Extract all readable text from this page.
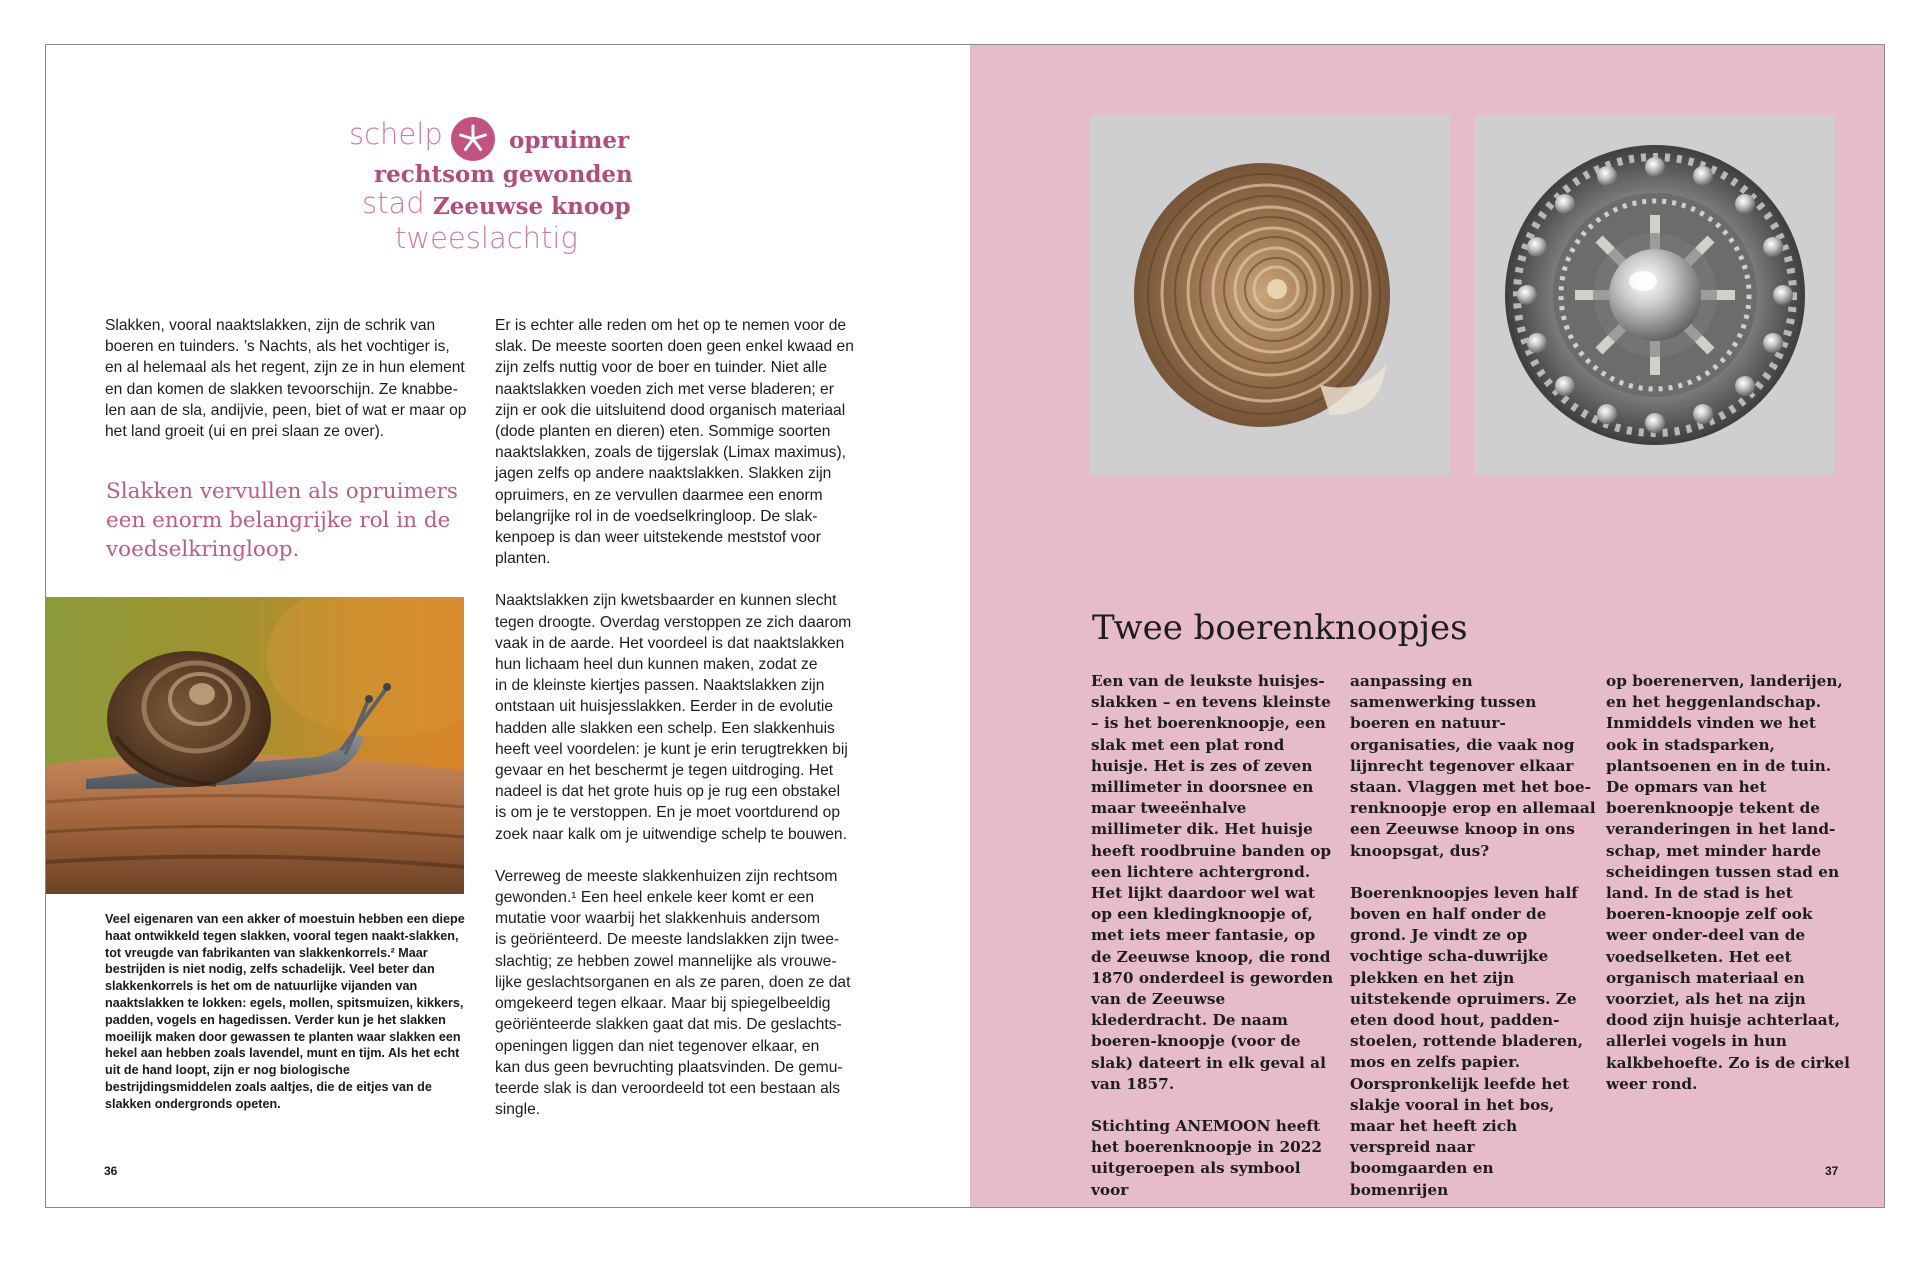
schelp	opruimer
rechtsom gewonden
stad Zeeuwse knoop
tweeslachtig
Slakken, vooral naaktslakken, zijn de schrik van
boeren en tuinders. ’s Nachts, als het vochtiger is,
en al helemaal als het regent, zijn ze in hun element
en dan komen de slakken tevoorschijn. Ze knabbe-
len aan de sla, andijvie, peen, biet of wat er maar op
het land groeit (ui en prei slaan ze over).
Slakken vervullen als opruimers een enorm belangrijke rol in de voedselkringloop.
Veel eigenaren van een akker of moestuin hebben een diepe haat ontwikkeld tegen slakken, vooral tegen naakt-slakken, tot vreugde van fabrikanten van slakkenkorrels.² Maar bestrijden is niet nodig, zelfs schadelijk. Veel beter dan slakkenkorrels is het om de natuurlijke vijanden van naaktslakken te lokken: egels, mollen, spitsmuizen, kikkers, padden, vogels en hagedissen. Verder kun je het slakken moeilijk maken door gewassen te planten waar slakken een hekel aan hebben zoals lavendel, munt en tijm. Als het echt uit de hand loopt, zijn er nog biologische bestrijdingsmiddelen zoals aaltjes, die de eitjes van de slakken ondergronds opeten.
Er is echter alle reden om het op te nemen voor de
slak. De meeste soorten doen geen enkel kwaad en
zijn zelfs nuttig voor de boer en tuinder. Niet alle
naaktslakken voeden zich met verse bladeren; er
zijn er ook die uitsluitend dood organisch materiaal
(dode planten en dieren) eten. Sommige soorten
naaktslakken, zoals de tijgerslak (Limax maximus),
jagen zelfs op andere naaktslakken. Slakken zijn
opruimers, en ze vervullen daarmee een enorm
belangrijke rol in de voedselkringloop. De slak-
kenpoep is dan weer uitstekende meststof voor
planten.
Naaktslakken zijn kwetsbaarder en kunnen slecht
tegen droogte. Overdag verstoppen ze zich daarom
vaak in de aarde. Het voordeel is dat naaktslakken
hun lichaam heel dun kunnen maken, zodat ze
in de kleinste kiertjes passen. Naaktslakken zijn
ontstaan uit huisjesslakken. Eerder in de evolutie
hadden alle slakken een schelp. Een slakkenhuis
heeft veel voordelen: je kunt je erin terugtrekken bij
gevaar en het beschermt je tegen uitdroging. Het
nadeel is dat het grote huis op je rug een obstakel
is om je te verstoppen. En je moet voortdurend op
zoek naar kalk om je uitwendige schelp te bouwen.
Verreweg de meeste slakkenhuizen zijn rechtsom
gewonden.¹ Een heel enkele keer komt er een
mutatie voor waarbij het slakkenhuis andersom
is geöriënteerd. De meeste landslakken zijn twee-
slachtig; ze hebben zowel mannelijke als vrouwe-
lijke geslachtsorganen en als ze paren, doen ze dat
omgekeerd tegen elkaar. Maar bij spiegelbeeldig
geöriënteerde slakken gaat dat mis. De geslachts-
openingen liggen dan niet tegenover elkaar, en
kan dus geen bevruchting plaatsvinden. De gemu-
teerde slak is dan veroordeeld tot een bestaan als
single.
36
Twee boerenknoopjes

Een van de leukste huisjes-slakken – en tevens kleinste – is het boerenknoopje, een slak met een plat rond huisje. Het is zes of zeven millimeter in doorsnee en maar tweeënhalve millimeter dik. Het huisje heeft roodbruine banden op een lichtere achtergrond. Het lijkt daardoor wel wat op een kledingknoopje of, met iets meer fantasie, op de Zeeuwse knoop, die rond 1870 onderdeel is geworden van de Zeeuwse klederdracht. De naam boeren-knoopje (voor de slak) dateert in elk geval al van 1857.

Stichting ANEMOON heeft het boerenknoopje in 2022 uitgeroepen als symbool voor

aanpassing en samenwerking tussen boeren en natuur-organisaties, die vaak nog lijnrecht tegenover elkaar staan. Vlaggen met het boe-renknoopje erop en allemaal een Zeeuwse knoop in ons knoopsgat, dus?

Boerenknoopjes leven half boven en half onder de grond. Je vindt ze op vochtige scha-duwrijke plekken en het zijn uitstekende opruimers. Ze eten dood hout, padden-stoelen, rottende bladeren, mos en zelfs papier. Oorspronkelijk leefde het slakje vooral in het bos, maar het heeft zich verspreid naar boomgaarden en bomenrijen

op boerenerven, landerijen, en het heggenlandschap. Inmiddels vinden we het ook in stadsparken, plantsoenen en in de tuin. De opmars van het boerenknoopje tekent de veranderingen in het land-schap, met minder harde scheidingen tussen stad en land. In de stad is het boeren-knoopje zelf ook weer onder-deel van de voedselketen. Het eet organisch materiaal en voorziet, als het na zijn dood zijn huisje achterlaat, allerlei vogels in hun kalkbehoefte. Zo is de cirkel weer rond.

37
